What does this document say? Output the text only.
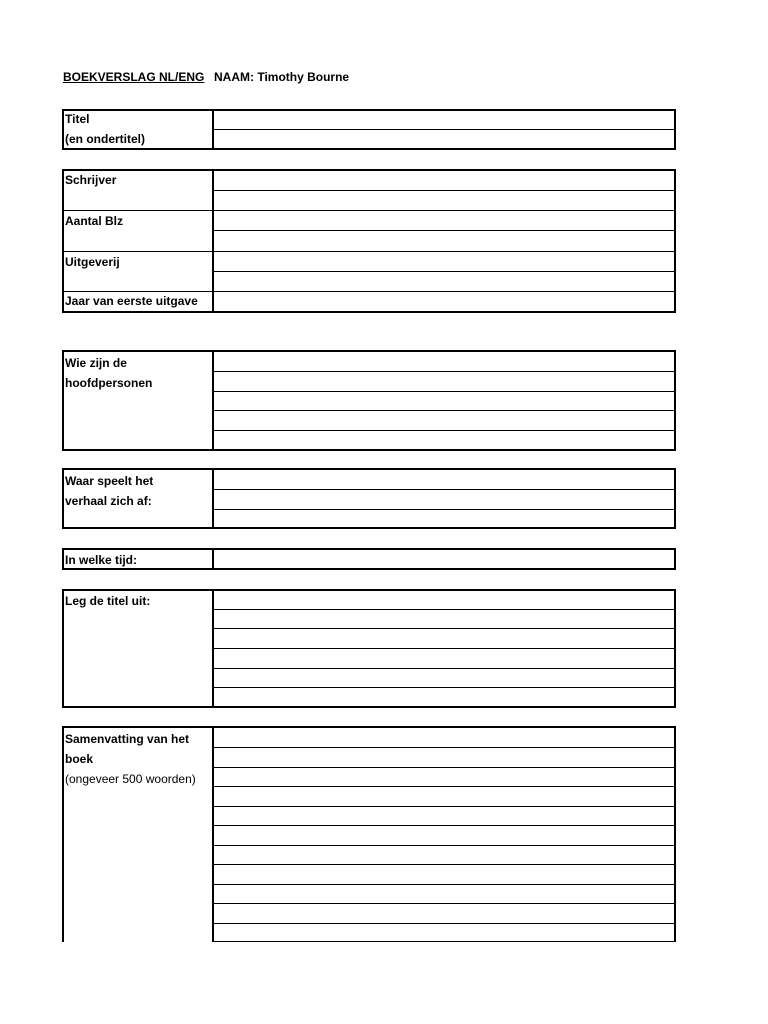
BOEKVERSLAG NL/ENG NAAM: Timothy Bourne
Titel
(en ondertitel)
Schrijver
Aantal Blz
Uitgeverij
Jaar van eerste uitgave
Wie zijn de
hoofdpersonen
Waar speelt het
verhaal zich af:
In welke tijd:
Leg de titel uit:
Samenvatting van het
boek
(ongeveer 500 woorden)
